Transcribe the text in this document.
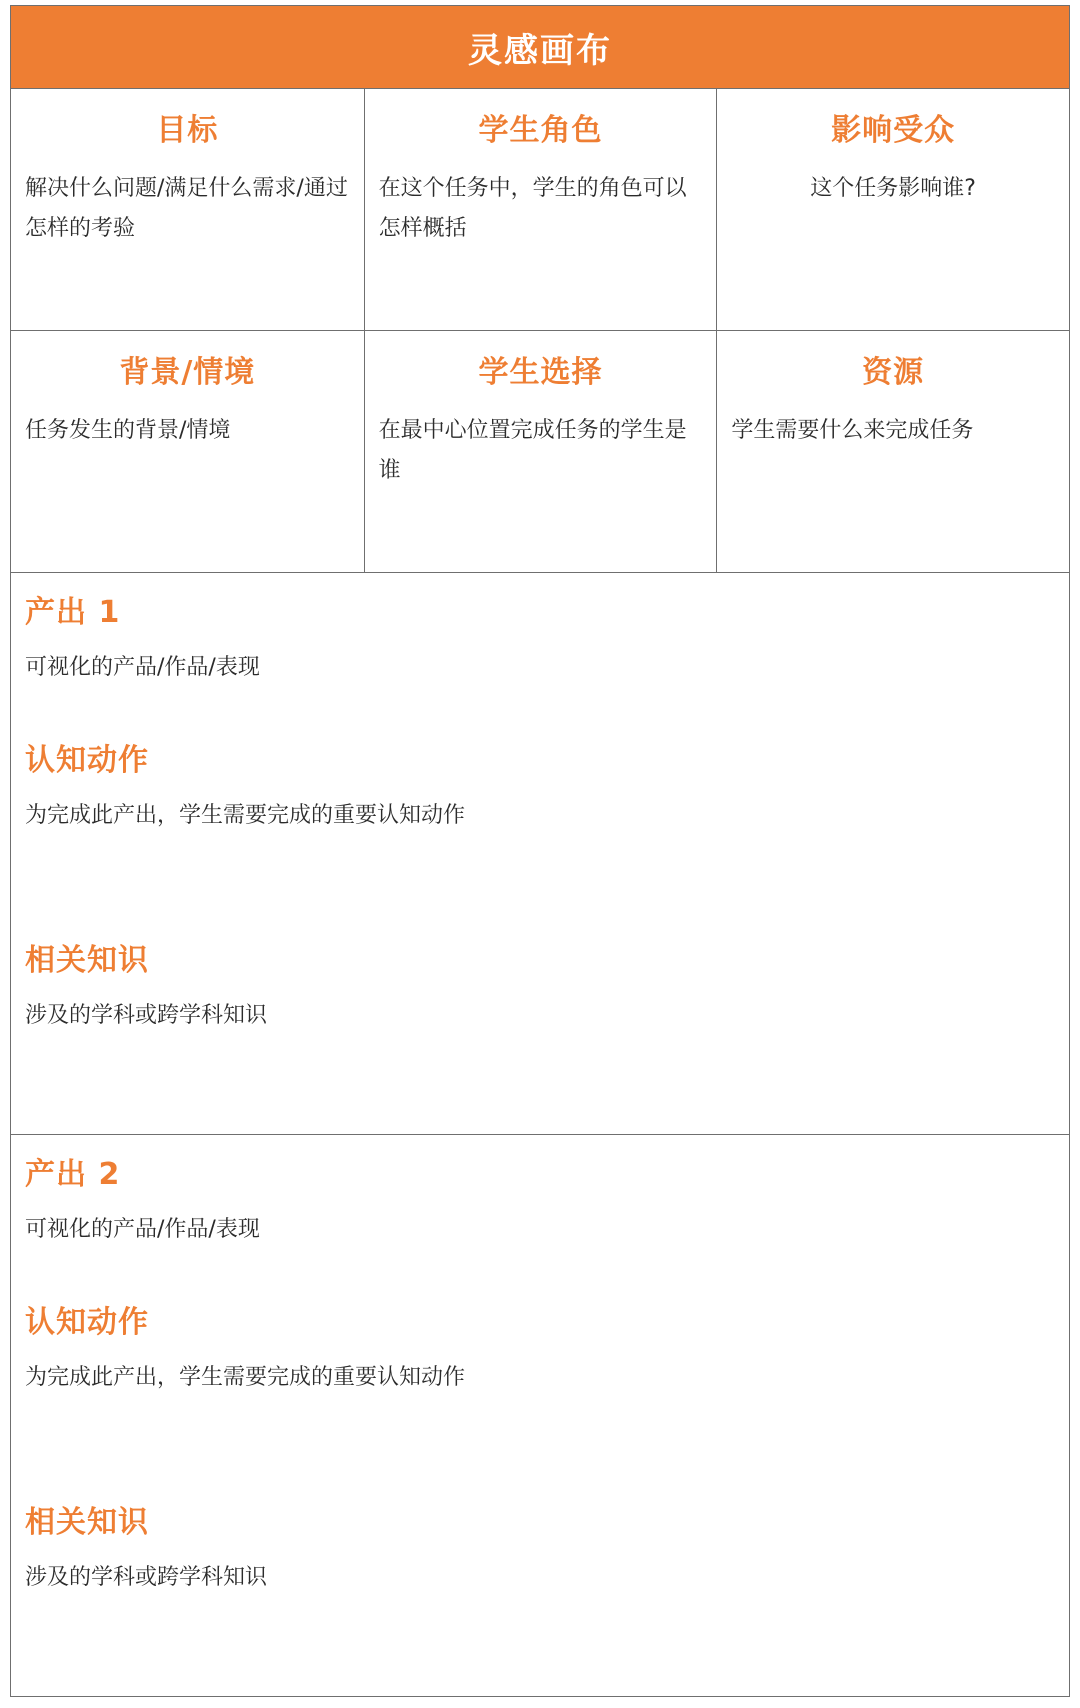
灵感画布
目标
解决什么问题/满足什么需求/通过怎样的考验
学生角色
在这个任务中，学生的角色可以怎样概括
影响受众
这个任务影响谁?
背景/情境
任务发生的背景/情境
学生选择
在最中心位置完成任务的学生是谁
资源
学生需要什么来完成任务
产出 1
可视化的产品/作品/表现
认知动作
为完成此产出，学生需要完成的重要认知动作
相关知识
涉及的学科或跨学科知识
产出 2
可视化的产品/作品/表现
认知动作
为完成此产出，学生需要完成的重要认知动作
相关知识
涉及的学科或跨学科知识
